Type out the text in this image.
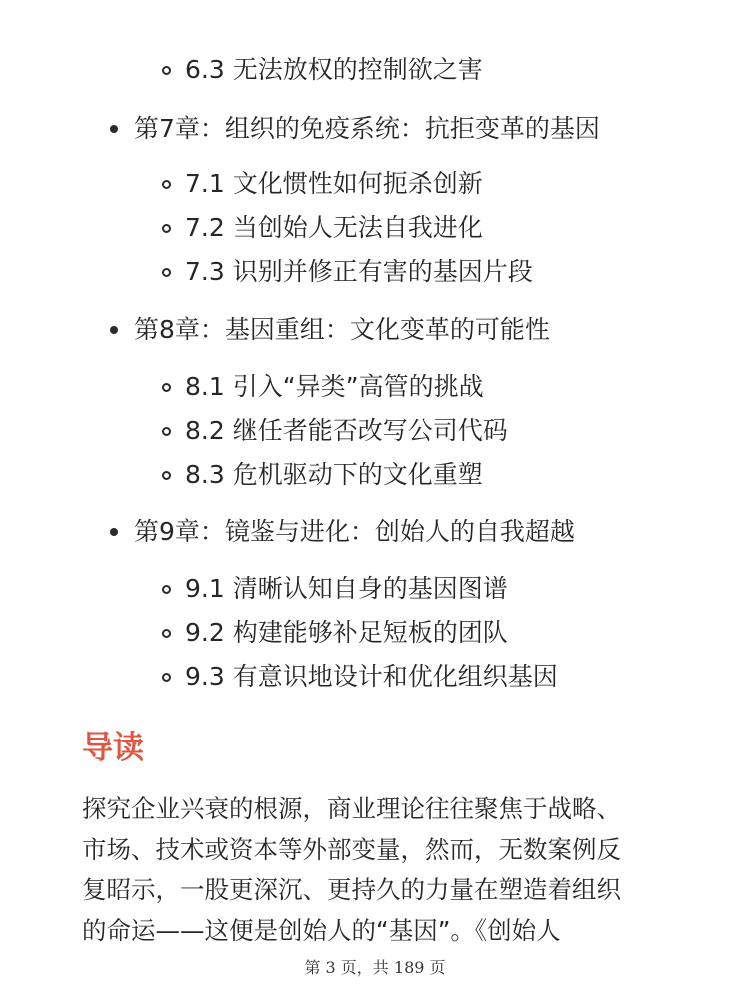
6.3 无法放权的控制欲之害
第7章：组织的免疫系统：抗拒变革的基因
7.1 文化惯性如何扼杀创新
7.2 当创始人无法自我进化
7.3 识别并修正有害的基因片段
第8章：基因重组：文化变革的可能性
8.1 引入“异类”高管的挑战
8.2 继任者能否改写公司代码
8.3 危机驱动下的文化重塑
第9章：镜鉴与进化：创始人的自我超越
9.1 清晰认知自身的基因图谱
9.2 构建能够补足短板的团队
9.3 有意识地设计和优化组织基因
导读
探究企业兴衰的根源，商业理论往往聚焦于战略、
市场、技术或资本等外部变量，然而，无数案例反
复昭示，一股更深沉、更持久的力量在塑造着组织
的命运——这便是创始人的“基因”。《创始人
第 3 页，共 189 页
